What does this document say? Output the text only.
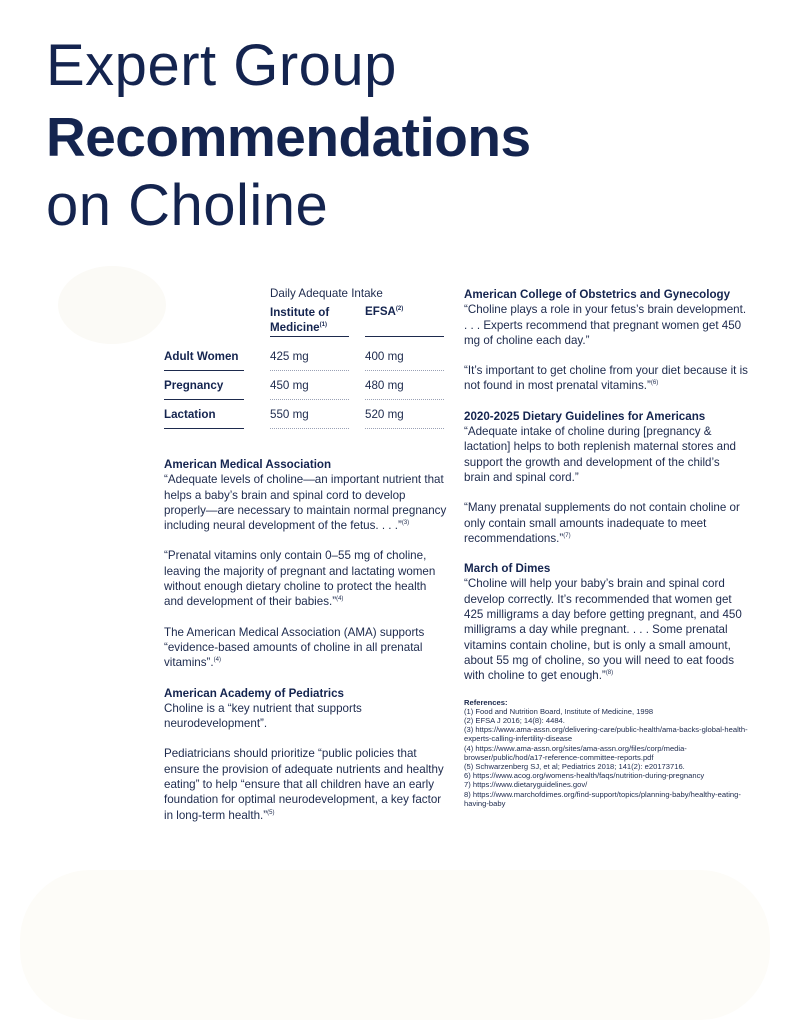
Expert Group
Recommendations
on Choline
Daily Adequate Intake
Institute of Medicine$^{(1)}$
EFSA$^{(2)}$
Adult Women	425 mg	400 mg
Pregnancy	450 mg	480 mg
Lactation	550 mg	520 mg
American Medical Association

“Adequate levels of choline—an important nutrient that helps a baby’s brain and spinal cord to develop properly—are necessary to maintain normal pregnancy including neural development of the fetus. . . .”$^{(3)}$

“Prenatal vitamins only contain 0–55 mg of choline, leaving the majority of pregnant and lactating women without enough dietary choline to protect the health and development of their babies.”$^{(4)}$

The American Medical Association (AMA) supports “evidence-based amounts of choline in all prenatal vitamins”.$^{(4)}$

American Academy of Pediatrics

Choline is a “key nutrient that supports neurodevelopment”.

Pediatricians should prioritize “public policies that ensure the provision of adequate nutrients and healthy eating” to help “ensure that all children have an early foundation for optimal neurodevelopment, a key factor in long-term health.”$^{(5)}$

American College of Obstetrics and Gynecology

“Choline plays a role in your fetus’s brain development. . . . Experts recommend that pregnant women get 450 mg of choline each day.”

“It’s important to get choline from your diet because it is not found in most prenatal vitamins.”$^{(6)}$

2020-2025 Dietary Guidelines for Americans

“Adequate intake of choline during [pregnancy & lactation] helps to both replenish maternal stores and support the growth and development of the child’s brain and spinal cord.”

“Many prenatal supplements do not contain choline or only contain small amounts inadequate to meet recommendations.”$^{(7)}$

March of Dimes

“Choline will help your baby’s brain and spinal cord develop correctly. It’s recommended that women get 425 milligrams a day before getting pregnant, and 450 milligrams a day while pregnant. . . . Some prenatal vitamins contain choline, but is only a small amount, about 55 mg of choline, so you will need to eat foods with choline to get enough.”$^{(8)}$

References:
(1) Food and Nutrition Board, Institute of Medicine, 1998
(2) EFSA J 2016; 14(8): 4484.
(3) https://www.ama-assn.org/delivering-care/public-health/ama-backs-global-health-experts-calling-infertility-disease
(4) https://www.ama-assn.org/sites/ama-assn.org/files/corp/media-browser/public/hod/a17-reference-committee-reports.pdf
(5) Schwarzenberg SJ, et al; Pediatrics 2018; 141(2): e20173716.
6) https://www.acog.org/womens-health/faqs/nutrition-during-pregnancy
7) https://www.dietaryguidelines.gov/
8) https://www.marchofdimes.org/find-support/topics/planning-baby/healthy-eating-having-baby
